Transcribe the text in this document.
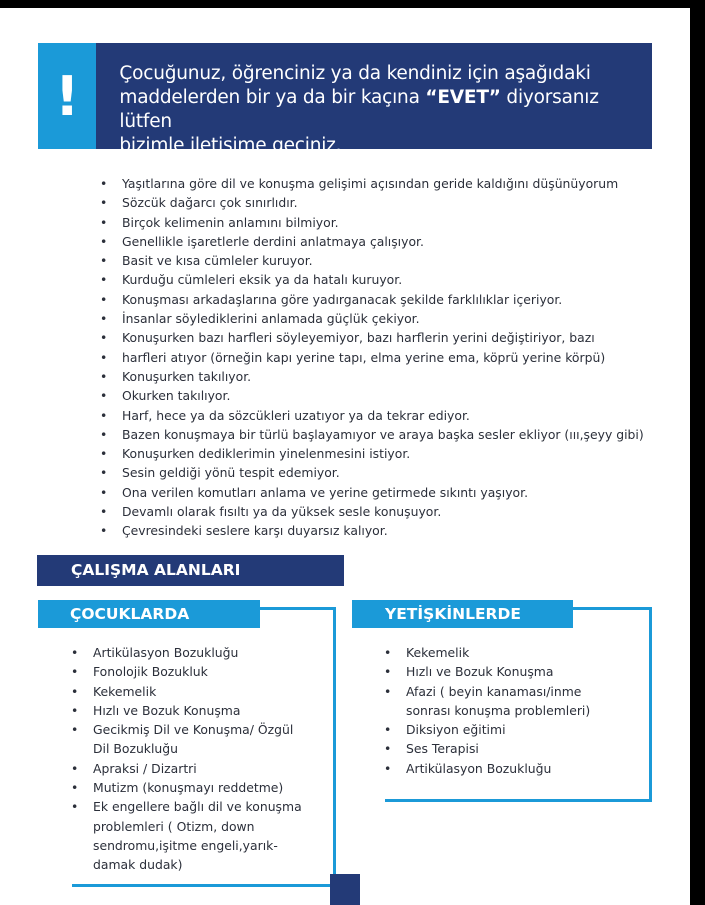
!	Çocuğunuz, öğrenciniz ya da kendiniz için aşağıdaki
maddelerden bir ya da bir kaçına “EVET” diyorsanız lütfen
bizimle iletişime geçiniz.
• Yaşıtlarına göre dil ve konuşma gelişimi açısından geride kaldığını düşünüyorum
• Sözcük dağarcı çok sınırlıdır.
• Birçok kelimenin anlamını bilmiyor.
• Genellikle işaretlerle derdini anlatmaya çalışıyor.
• Basit ve kısa cümleler kuruyor.
• Kurduğu cümleleri eksik ya da hatalı kuruyor.
• Konuşması arkadaşlarına göre yadırganacak şekilde farklılıklar içeriyor.
• İnsanlar söylediklerini anlamada güçlük çekiyor.
• Konuşurken bazı harfleri söyleyemiyor, bazı harflerin yerini değiştiriyor, bazı
• harfleri atıyor (örneğin kapı yerine tapı, elma yerine ema, köprü yerine körpü)
• Konuşurken takılıyor.
• Okurken takılıyor.
• Harf, hece ya da sözcükleri uzatıyor ya da tekrar ediyor.
• Bazen konuşmaya bir türlü başlayamıyor ve araya başka sesler ekliyor (ııı,şeyy gibi)
• Konuşurken dediklerimin yinelenmesini istiyor.
• Sesin geldiği yönü tespit edemiyor.
• Ona verilen komutları anlama ve yerine getirmede sıkıntı yaşıyor.
• Devamlı olarak fısıltı ya da yüksek sesle konuşuyor.
• Çevresindeki seslere karşı duyarsız kalıyor.
ÇALIŞMA ALANLARI
ÇOCUKLARDA
• Artikülasyon Bozukluğu
• Fonolojik Bozukluk
• Kekemelik
• Hızlı ve Bozuk Konuşma
• Gecikmiş Dil ve Konuşma/ Özgül
Dil Bozukluğu
• Apraksi / Dizartri
• Mutizm (konuşmayı reddetme)
• Ek engellere bağlı dil ve konuşma
problemleri ( Otizm, down
sendromu,işitme engeli,yarık-
damak dudak)
YETİŞKİNLERDE
• Kekemelik
• Hızlı ve Bozuk Konuşma
• Afazi ( beyin kanaması/inme
sonrası konuşma problemleri)
• Diksiyon eğitimi
• Ses Terapisi
• Artikülasyon Bozukluğu
